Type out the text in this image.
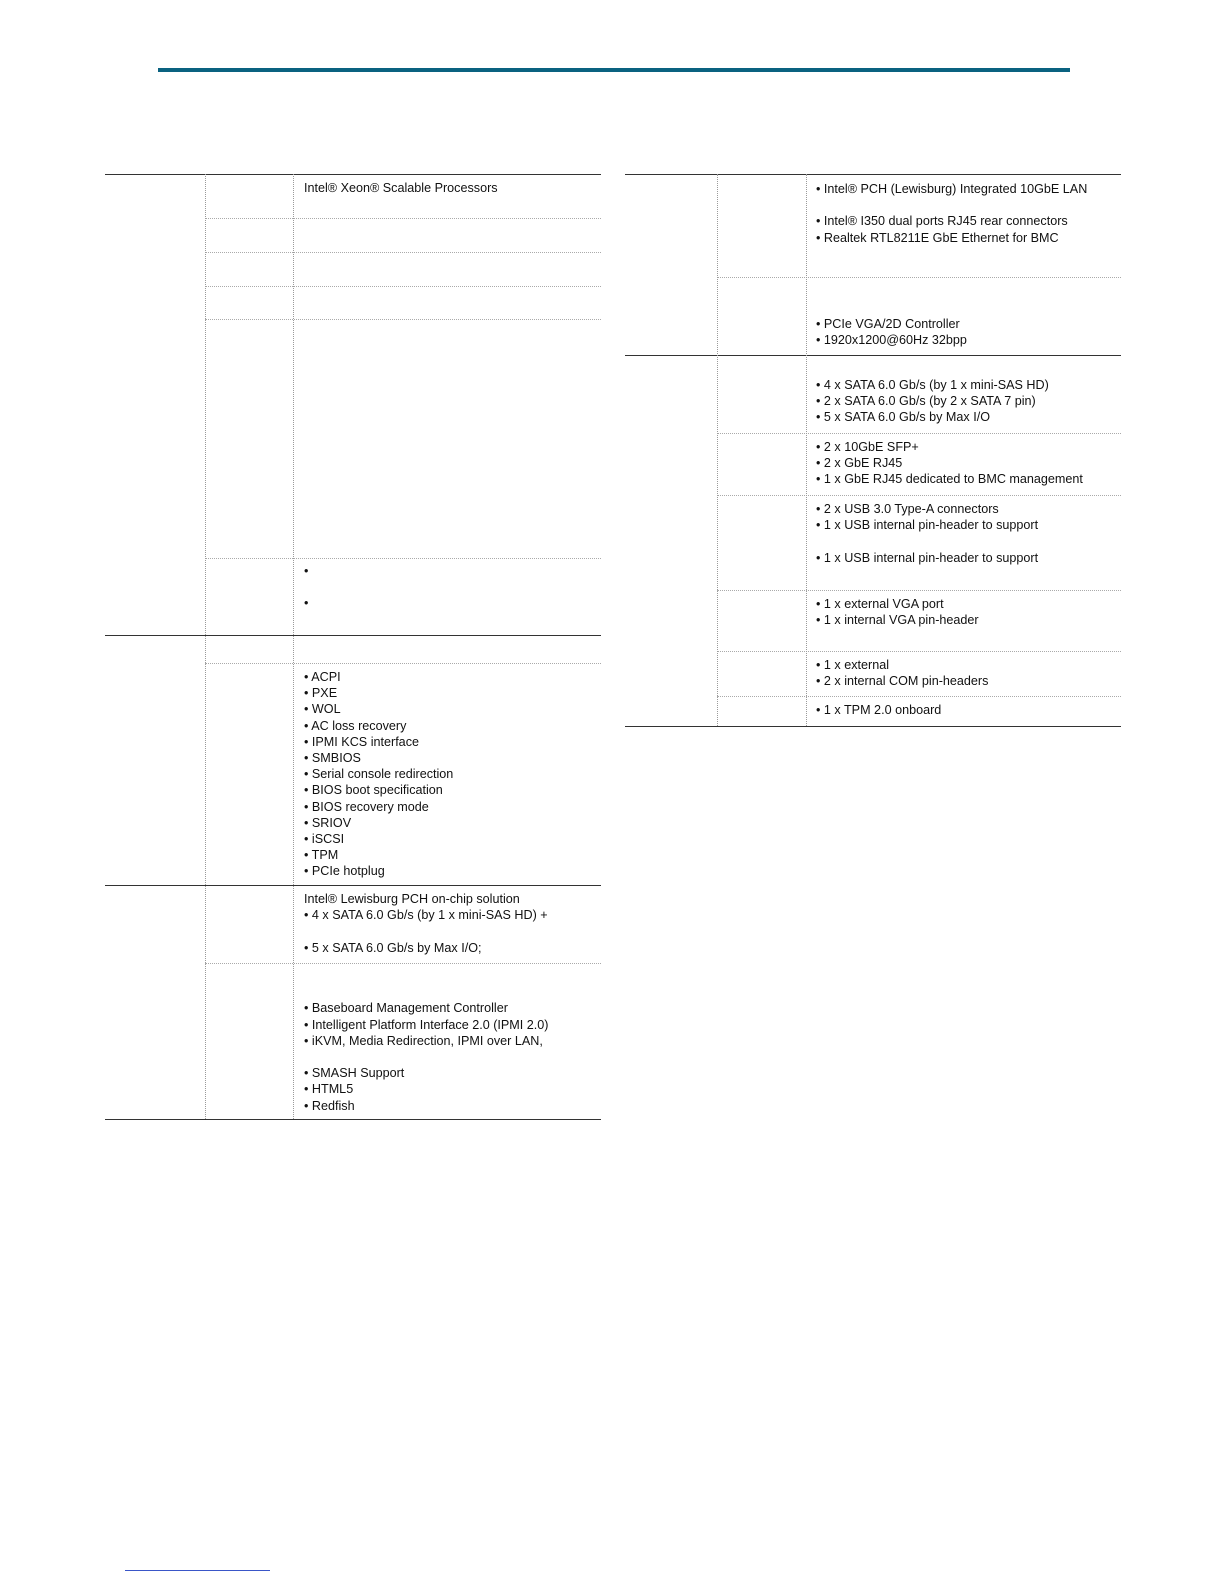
Intel® Xeon® Scalable Processors
•
•
• ACPI
• PXE
• WOL
• AC loss recovery
• IPMI KCS interface
• SMBIOS
• Serial console redirection
• BIOS boot specification
• BIOS recovery mode
• SRIOV
• iSCSI
• TPM
• PCIe hotplug
Intel® Lewisburg PCH on-chip solution
• 4 x SATA 6.0 Gb/s (by 1 x mini-SAS HD) +
• 5 x SATA 6.0 Gb/s by Max I/O;
• Baseboard Management Controller
• Intelligent Platform Interface 2.0 (IPMI 2.0)
• iKVM, Media Redirection, IPMI over LAN,
• SMASH Support
• HTML5
• Redfish
• Intel® PCH (Lewisburg) Integrated 10GbE LAN
• Intel® I350 dual ports RJ45 rear connectors
• Realtek RTL8211E GbE Ethernet for BMC
• PCIe VGA/2D Controller
• 1920x1200@60Hz 32bpp
• 4 x SATA 6.0 Gb/s (by 1 x mini-SAS HD)
• 2 x SATA 6.0 Gb/s (by 2 x SATA 7 pin)
• 5 x SATA 6.0 Gb/s by Max I/O
• 2 x 10GbE SFP+
• 2 x GbE RJ45
• 1 x GbE RJ45 dedicated to BMC management
• 2 x USB 3.0 Type-A connectors
• 1 x USB internal pin-header to support
• 1 x USB internal pin-header to support
• 1 x external VGA port
• 1 x internal VGA pin-header
• 1 x external
• 2 x internal COM pin-headers
• 1 x TPM 2.0 onboard
